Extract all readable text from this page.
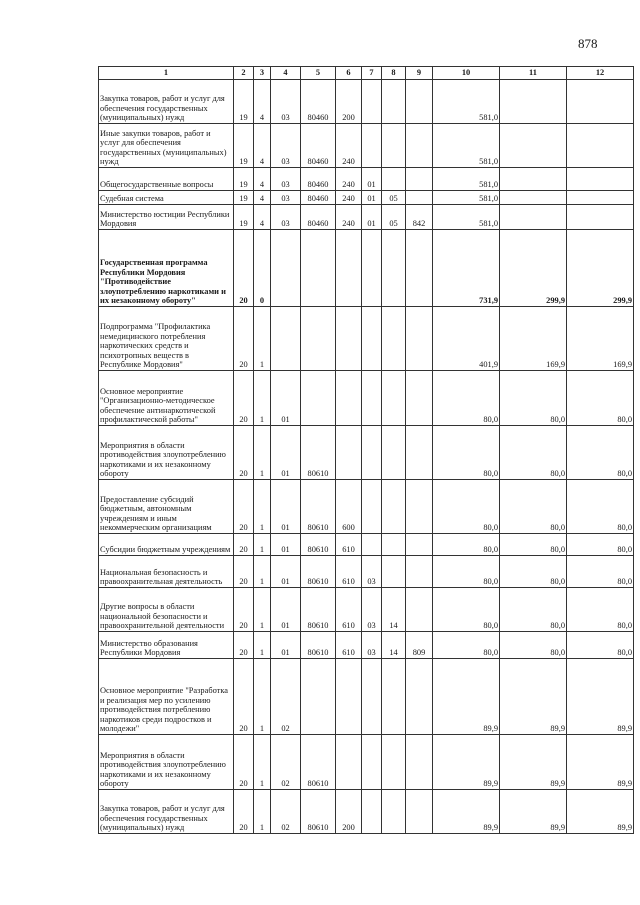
878
1	2	3	4	5	6	7	8	9	10	11	12
Закупка товаров, работ и услуг для обеспечения государственных (муниципальных) нужд	19	4	03	80460	200				581,0		
Иные закупки товаров, работ и услуг для обеспечения государственных (муниципальных) нужд	19	4	03	80460	240				581,0		
Общегосударственные вопросы	19	4	03	80460	240	01			581,0		
Судебная система	19	4	03	80460	240	01	05		581,0		
Министерство юстиции Республики Мордовия	19	4	03	80460	240	01	05	842	581,0		
Государственная программа Республики Мордовия "Противодействие злоупотреблению наркотиками и их незаконному обороту"	20	0							731,9	299,9	299,9
Подпрограмма "Профилактика немедицинского потребления наркотических средств и психотропных веществ в Республике Мордовия"	20	1							401,9	169,9	169,9
Основное мероприятие "Организационно-методическое обеспечение антинаркотической профилактической работы"	20	1	01						80,0	80,0	80,0
Мероприятия в области противодействия злоупотреблению наркотиками и их незаконному обороту	20	1	01	80610					80,0	80,0	80,0
Предоставление субсидий бюджетным, автономным учреждениям и иным некоммерческим организациям	20	1	01	80610	600				80,0	80,0	80,0
Субсидии бюджетным учреждениям	20	1	01	80610	610				80,0	80,0	80,0
Национальная безопасность и правоохранительная деятельность	20	1	01	80610	610	03			80,0	80,0	80,0
Другие вопросы в области национальной безопасности и правоохранительной деятельности	20	1	01	80610	610	03	14		80,0	80,0	80,0
Министерство образования Республики Мордовия	20	1	01	80610	610	03	14	809	80,0	80,0	80,0
Основное мероприятие "Разработка и реализация мер по усилению противодействия потреблению наркотиков среди подростков и молодежи"	20	1	02						89,9	89,9	89,9
Мероприятия в области противодействия злоупотреблению наркотиками и их незаконному обороту	20	1	02	80610					89,9	89,9	89,9
Закупка товаров, работ и услуг для обеспечения государственных (муниципальных) нужд	20	1	02	80610	200				89,9	89,9	89,9
